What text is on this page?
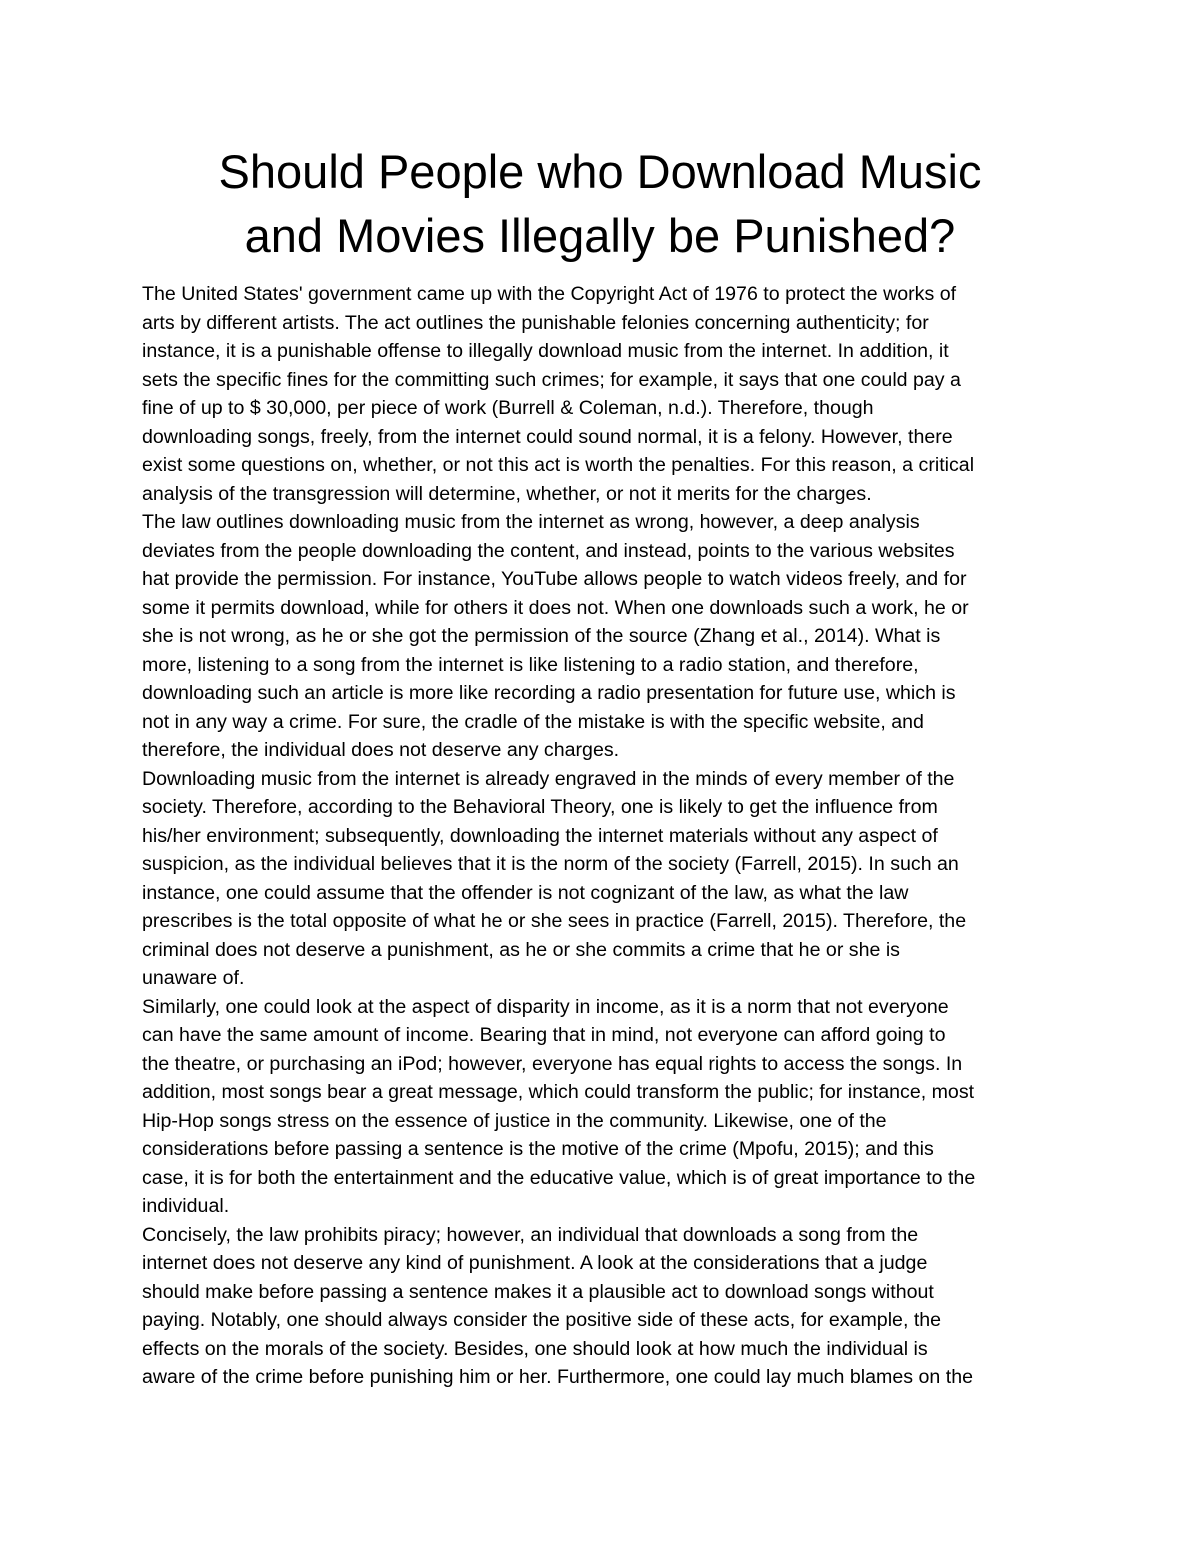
Should People who Download Music
and Movies Illegally be Punished?
The United States' government came up with the Copyright Act of 1976 to protect the works of
arts by different artists. The act outlines the punishable felonies concerning authenticity; for
instance, it is a punishable offense to illegally download music from the internet. In addition, it
sets the specific fines for the committing such crimes; for example, it says that one could pay a
fine of up to $ 30,000, per piece of work (Burrell & Coleman, n.d.). Therefore, though
downloading songs, freely, from the internet could sound normal, it is a felony. However, there
exist some questions on, whether, or not this act is worth the penalties. For this reason, a critical
analysis of the transgression will determine, whether, or not it merits for the charges.
The law outlines downloading music from the internet as wrong, however, a deep analysis
deviates from the people downloading the content, and instead, points to the various websites
hat provide the permission. For instance, YouTube allows people to watch videos freely, and for
some it permits download, while for others it does not. When one downloads such a work, he or
she is not wrong, as he or she got the permission of the source (Zhang et al., 2014). What is
more, listening to a song from the internet is like listening to a radio station, and therefore,
downloading such an article is more like recording a radio presentation for future use, which is
not in any way a crime. For sure, the cradle of the mistake is with the specific website, and
therefore, the individual does not deserve any charges.
Downloading music from the internet is already engraved in the minds of every member of the
society. Therefore, according to the Behavioral Theory, one is likely to get the influence from
his/her environment; subsequently, downloading the internet materials without any aspect of
suspicion, as the individual believes that it is the norm of the society (Farrell, 2015). In such an
instance, one could assume that the offender is not cognizant of the law, as what the law
prescribes is the total opposite of what he or she sees in practice (Farrell, 2015). Therefore, the
criminal does not deserve a punishment, as he or she commits a crime that he or she is
unaware of.
Similarly, one could look at the aspect of disparity in income, as it is a norm that not everyone
can have the same amount of income. Bearing that in mind, not everyone can afford going to
the theatre, or purchasing an iPod; however, everyone has equal rights to access the songs. In
addition, most songs bear a great message, which could transform the public; for instance, most
Hip-Hop songs stress on the essence of justice in the community. Likewise, one of the
considerations before passing a sentence is the motive of the crime (Mpofu, 2015); and this
case, it is for both the entertainment and the educative value, which is of great importance to the
individual.
Concisely, the law prohibits piracy; however, an individual that downloads a song from the
internet does not deserve any kind of punishment. A look at the considerations that a judge
should make before passing a sentence makes it a plausible act to download songs without
paying. Notably, one should always consider the positive side of these acts, for example, the
effects on the morals of the society. Besides, one should look at how much the individual is
aware of the crime before punishing him or her. Furthermore, one could lay much blames on the
